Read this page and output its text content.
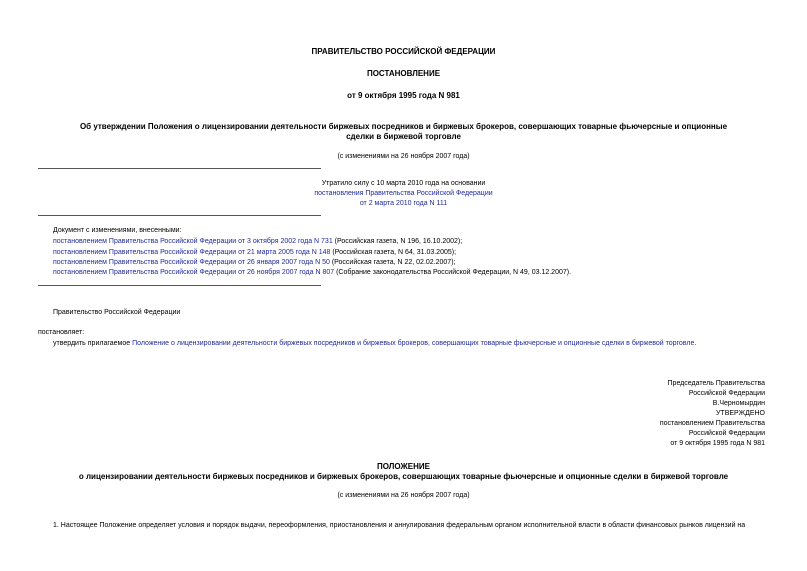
ПРАВИТЕЛЬСТВО РОССИЙСКОЙ ФЕДЕРАЦИИ
ПОСТАНОВЛЕНИЕ
от 9 октября 1995 года N 981
Об утверждении Положения о лицензировании деятельности биржевых посредников и биржевых брокеров, совершающих товарные фьючерсные и опционные
сделки в биржевой торговле
(с изменениями на 26 ноября 2007 года)
Утратило силу с 10 марта 2010 года на основании
постановления Правительства Российской Федерации
от 2 марта 2010 года N 111
Документ с изменениями, внесенными:
постановлением Правительства Российской Федерации от 3 октября 2002 года N 731 (Российская газета, N 196, 16.10.2002);
постановлением Правительства Российской Федерации от 21 марта 2005 года N 148 (Российская газета, N 64, 31.03.2005);
постановлением Правительства Российской Федерации от 26 января 2007 года N 50 (Российская газета, N 22, 02.02.2007);
постановлением Правительства Российской Федерации от 26 ноября 2007 года N 807 (Собрание законодательства Российской Федерации, N 49, 03.12.2007).
Правительство Российской Федерации
постановляет:
утвердить прилагаемое Положение о лицензировании деятельности биржевых посредников и биржевых брокеров, совершающих товарные фьючерсные и опционные сделки в биржевой торговле.
Председатель Правительства
Российской Федерации
В.Черномырдин
УТВЕРЖДЕНО
постановлением Правительства
Российской Федерации
от 9 октября 1995 года N 981
ПОЛОЖЕНИЕ
о лицензировании деятельности биржевых посредников и биржевых брокеров, совершающих товарные фьючерсные и опционные сделки в биржевой торговле
(с изменениями на 26 ноября 2007 года)
1. Настоящее Положение определяет условия и порядок выдачи, переоформления, приостановления и аннулирования федеральным органом исполнительной власти в области финансовых рынков лицензий на
